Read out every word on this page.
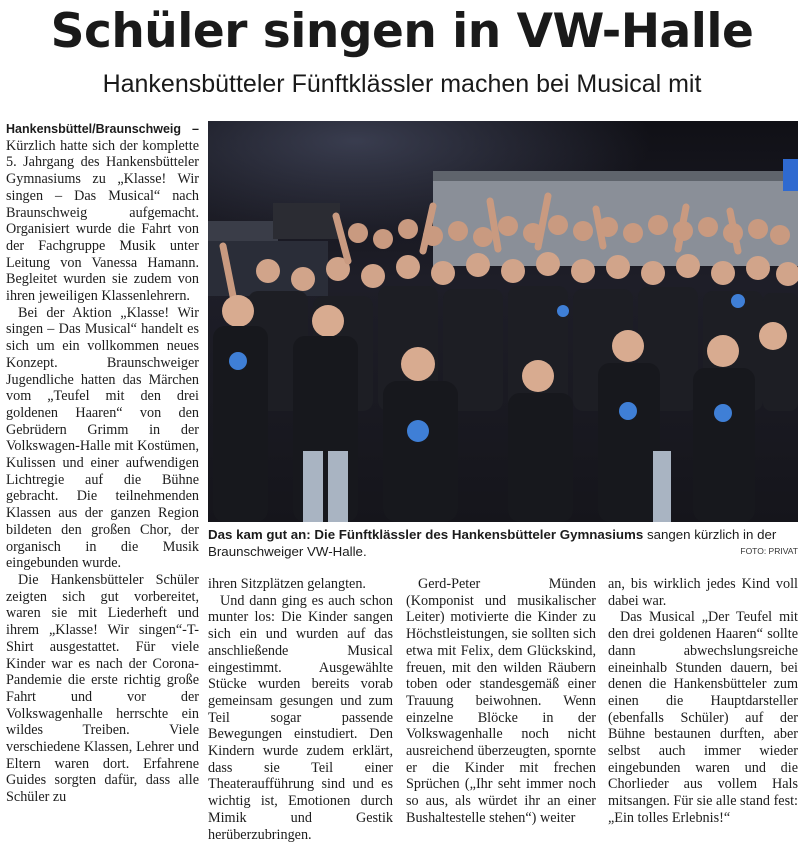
Schüler singen in VW-Halle
Hankensbütteler Fünftklässler machen bei Musical mit

Hankensbüttel/Braunschweig – Kürzlich hatte sich der komplette 5. Jahrgang des Hankensbütteler Gymnasiums zu „Klasse! Wir singen – Das Musical“ nach Braunschweig aufgemacht. Organisiert wurde die Fahrt von der Fachgruppe Musik unter Leitung von Vanessa Hamann. Begleitet wurden sie zudem von ihren jeweiligen Klassenlehrern.

Bei der Aktion „Klasse! Wir singen – Das Musical“ handelt es sich um ein vollkommen neues Konzept. Braunschweiger Jugendliche hatten das Märchen vom „Teufel mit den drei goldenen Haaren“ von den Gebrüdern Grimm in der Volkswagen-Halle mit Kostümen, Kulissen und einer aufwendigen Lichtregie auf die Bühne gebracht. Die teilnehmenden Klassen aus der ganzen Region bildeten den großen Chor, der organisch in die Musik eingebunden wurde.

Die Hankensbütteler Schüler zeigten sich gut vorbereitet, waren sie mit Liederheft und ihrem „Klasse! Wir singen“-T-Shirt ausgestattet. Für viele Kinder war es nach der Corona-Pandemie die erste richtig große Fahrt und vor der Volkswagenhalle herrschte ein wildes Treiben. Viele verschiedene Klassen, Lehrer und Eltern waren dort. Erfahrene Guides sorgten dafür, dass alle Schüler zu

Das kam gut an: Die Fünftklässler des Hankensbütteler Gymnasiums sangen kürzlich in der Braunschweiger VW-Halle.	FOTO: PRIVAT

ihren Sitzplätzen gelangten.

Und dann ging es auch schon munter los: Die Kinder sangen sich ein und wurden auf das anschließende Musical eingestimmt. Ausgewählte Stücke wurden bereits vorab gemeinsam gesungen und zum Teil sogar passende Bewegungen einstudiert. Den Kindern wurde zudem erklärt, dass sie Teil einer Theateraufführung sind und es wichtig ist, Emotionen durch Mimik und Gestik herüberzubringen.

Gerd-Peter Münden (Komponist und musikalischer Leiter) motivierte die Kinder zu Höchstleistungen, sie sollten sich etwa mit Felix, dem Glückskind, freuen, mit den wilden Räubern toben oder standesgemäß einer Trauung beiwohnen. Wenn einzelne Blöcke in der Volkswagenhalle noch nicht ausreichend überzeugten, spornte er die Kinder mit frechen Sprüchen („Ihr seht immer noch so aus, als würdet ihr an einer Bushaltestelle stehen“) weiter

an, bis wirklich jedes Kind voll dabei war.

Das Musical „Der Teufel mit den drei goldenen Haaren“ sollte dann abwechslungsreiche eineinhalb Stunden dauern, bei denen die Hankensbütteler zum einen die Hauptdarsteller (ebenfalls Schüler) auf der Bühne bestaunen durften, aber selbst auch immer wieder eingebunden waren und die Chorlieder aus vollem Hals mitsangen. Für sie alle stand fest: „Ein tolles Erlebnis!“
